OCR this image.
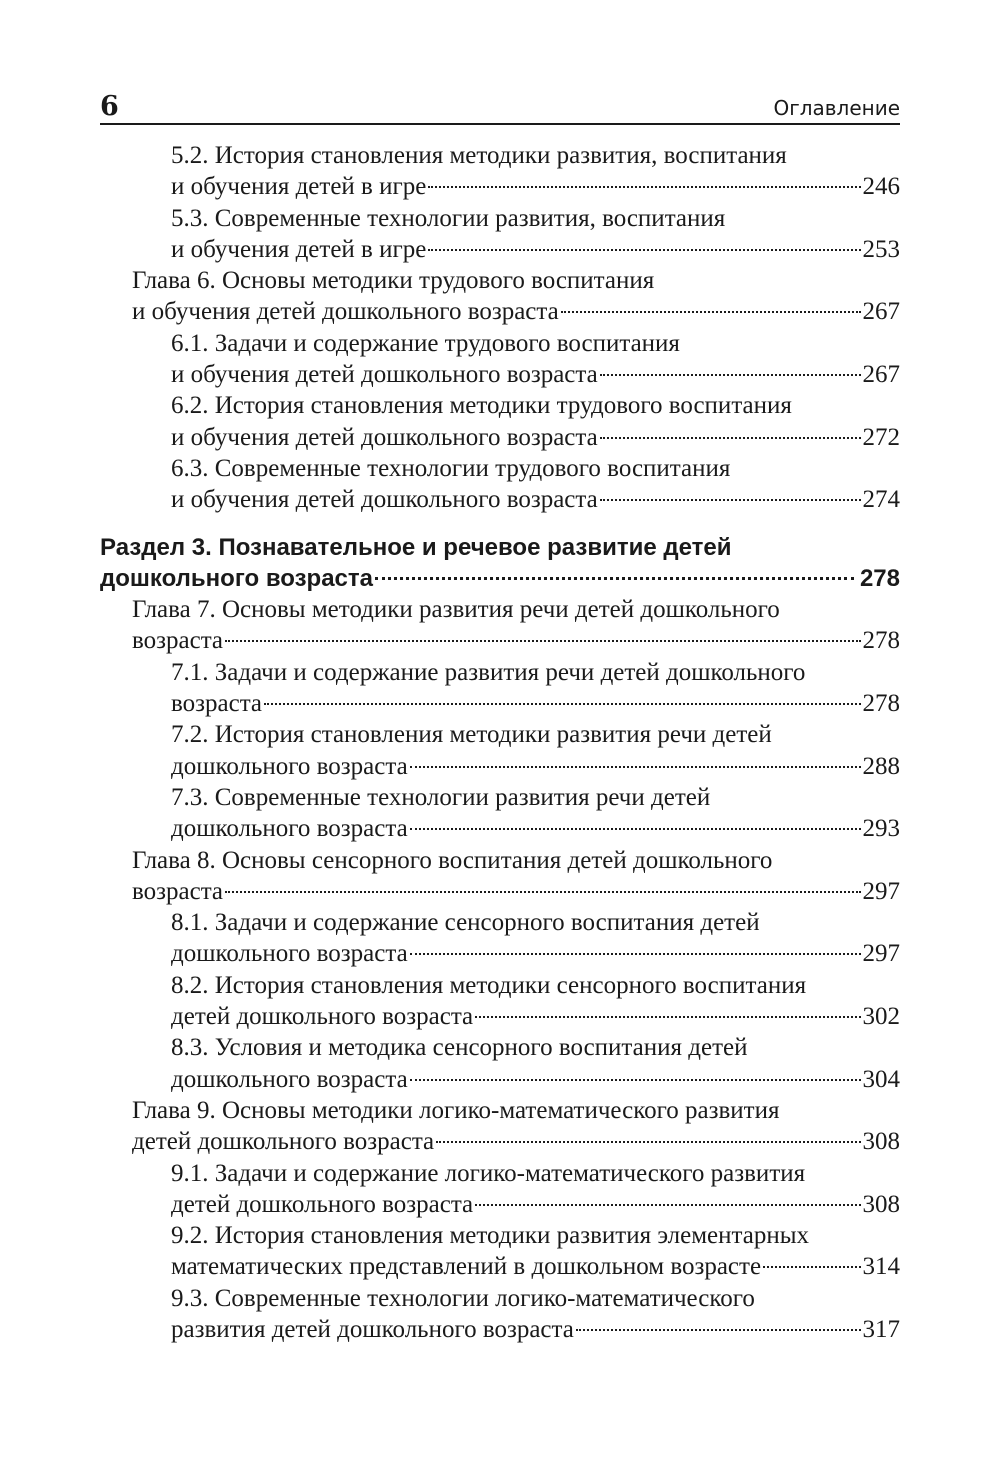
6	Оглавление
5.2. История становления методики развития, воспитания
и обучения детей в игре	246
5.3. Современные технологии развития, воспитания
и обучения детей в игре	253
Глава 6. Основы методики трудового воспитания
и обучения детей дошкольного возраста	267
6.1. Задачи и содержание трудового воспитания
и обучения детей дошкольного возраста	267
6.2. История становления методики трудового воспитания
и обучения детей дошкольного возраста	272
6.3. Современные технологии трудового воспитания
и обучения детей дошкольного возраста	274
Раздел 3. Познавательное и речевое развитие детей
дошкольного возраста	278
Глава 7. Основы методики развития речи детей дошкольного
возраста	278
7.1. Задачи и содержание развития речи детей дошкольного
возраста	278
7.2. История становления методики развития речи детей
дошкольного возраста	288
7.3. Современные технологии развития речи детей
дошкольного возраста	293
Глава 8. Основы сенсорного воспитания детей дошкольного
возраста	297
8.1. Задачи и содержание сенсорного воспитания детей
дошкольного возраста	297
8.2. История становления методики сенсорного воспитания
детей дошкольного возраста	302
8.3. Условия и методика сенсорного воспитания детей
дошкольного возраста	304
Глава 9. Основы методики логико-математического развития
детей дошкольного возраста	308
9.1. Задачи и содержание логико-математического развития
детей дошкольного возраста	308
9.2. История становления методики развития элементарных
математических представлений в дошкольном возрасте	314
9.3. Современные технологии логико-математического
развития детей дошкольного возраста	317
